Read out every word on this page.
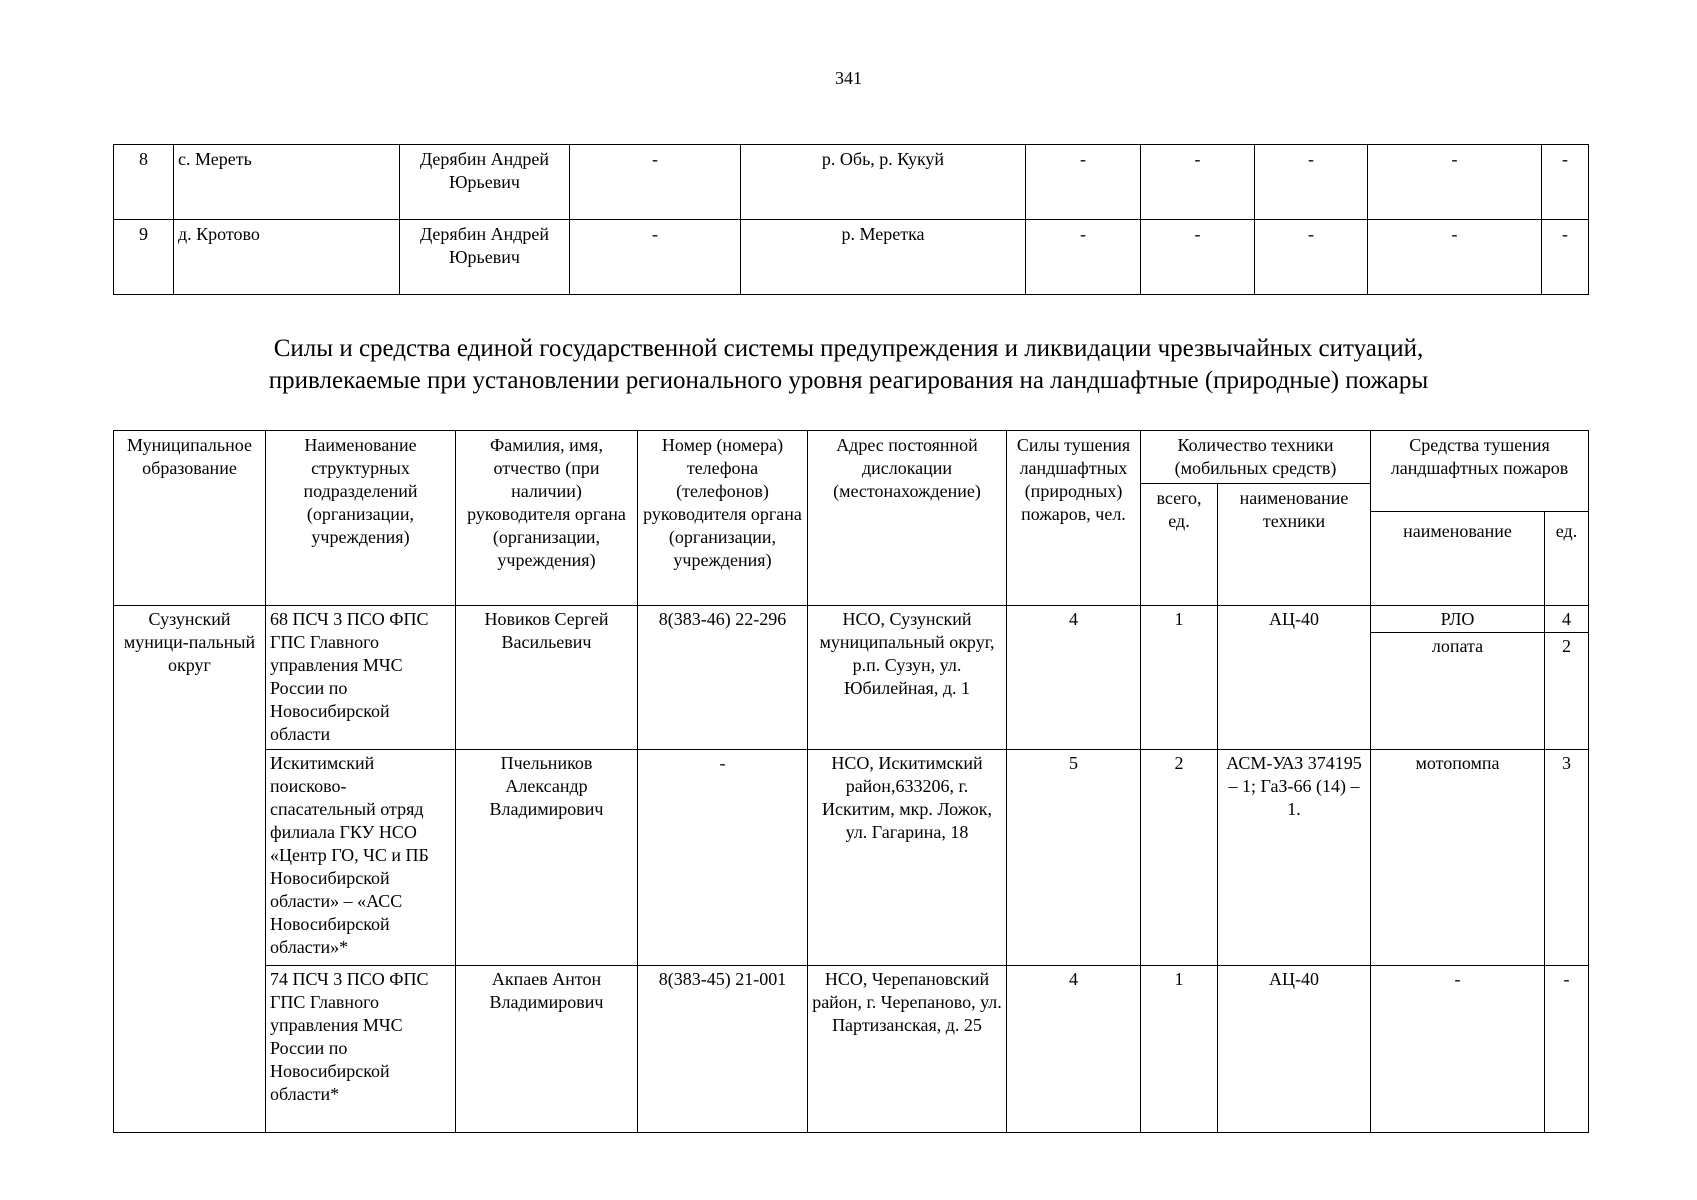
341
8	с. Мереть	Дерябин Андрей Юрьевич	-	р. Обь, р. Кукуй	-	-	-	-	-
9	д. Кротово	Дерябин Андрей Юрьевич	-	р. Меретка	-	-	-	-	-
Силы и средства единой государственной системы предупреждения и ликвидации чрезвычайных ситуаций,
привлекаемые при установлении регионального уровня реагирования на ландшафтные (природные) пожары
Муниципальное образование	Наименование структурных подразделений (организации, учреждения)	Фамилия, имя, отчество (при наличии) руководителя органа (организации, учреждения)	Номер (номера) телефона (телефонов) руководителя органа (организации, учреждения)	Адрес постоянной дислокации (местонахождение)	Силы тушения ландшафтных (природных) пожаров, чел.	Количество техники (мобильных средств)		Средства тушения ландшафтных пожаров	
						всего, ед.	наименование техники		
								наименование	ед.
Сузунский муници-пальный округ	68 ПСЧ 3 ПСО ФПС ГПС Главного управления МЧС России по Новосибирской области	Новиков Сергей Васильевич	8(383-46) 22-296	НСО, Сузунский муниципальный округ, р.п. Сузун, ул. Юбилейная, д. 1	4	1	АЦ-40	РЛО	4
								лопата	2
	Искитимский поисково-спасательный отряд филиала ГКУ НСО «Центр ГО, ЧС и ПБ Новосибирской области» – «АСС Новосибирской области»*	Пчельников Александр Владимирович	-	НСО, Искитимский район,633206, г. Искитим, мкр. Ложок, ул. Гагарина, 18	5	2	АСМ-УАЗ 374195 – 1; ГаЗ-66 (14) – 1.	мотопомпа	3
	74 ПСЧ 3 ПСО ФПС ГПС Главного управления МЧС России по Новосибирской области*	Акпаев Антон Владимирович	8(383-45) 21-001	НСО, Черепановский район, г. Черепаново, ул. Партизанская, д. 25	4	1	АЦ-40	-	-
